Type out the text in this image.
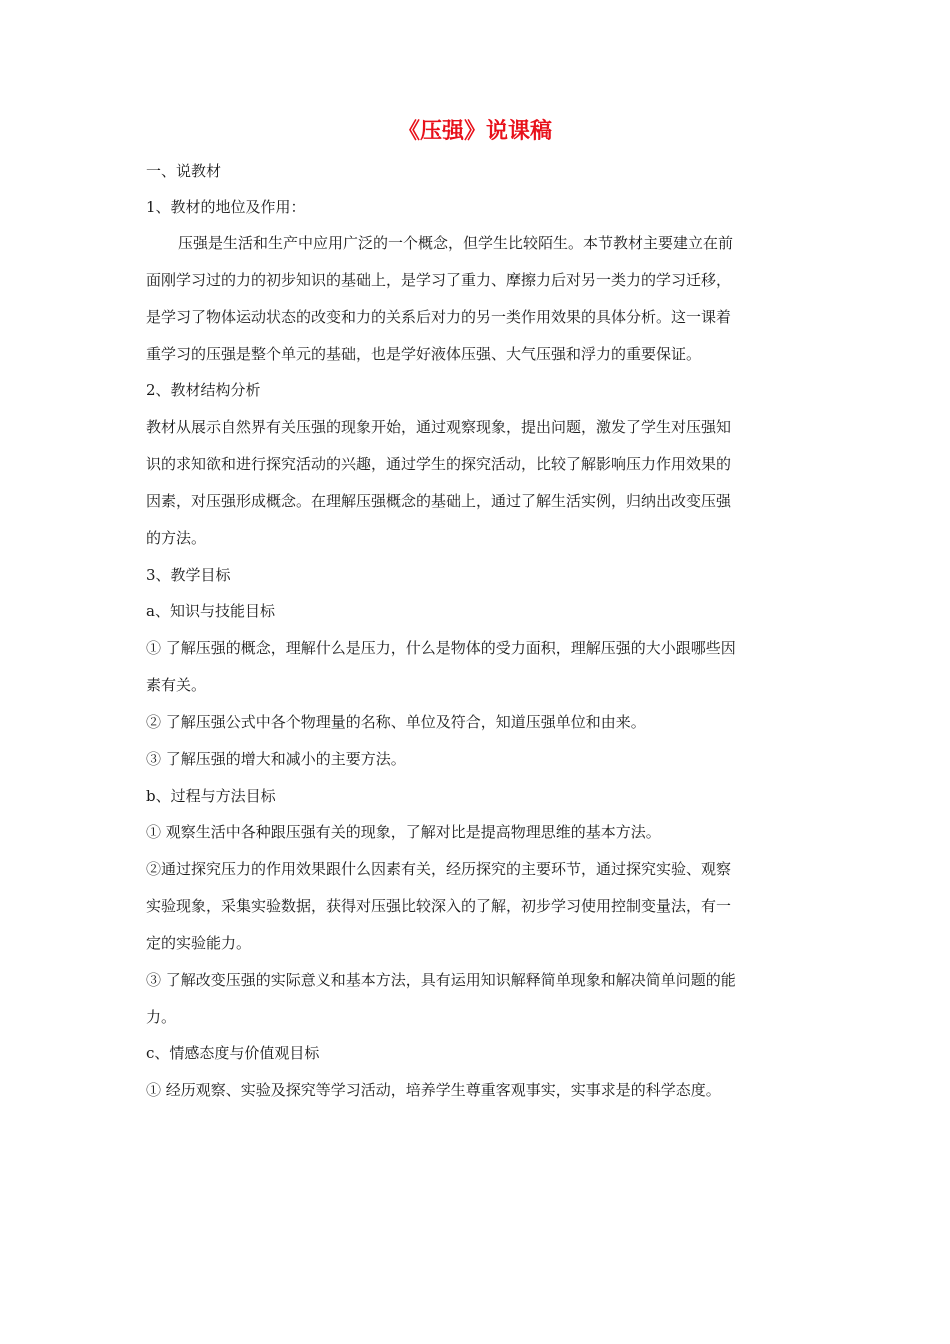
《压强》说课稿
一、说教材
1、教材的地位及作用：
压强是生活和生产中应用广泛的一个概念，但学生比较陌生。本节教材主要建立在前
面刚学习过的力的初步知识的基础上，是学习了重力、摩擦力后对另一类力的学习迁移，
是学习了物体运动状态的改变和力的关系后对力的另一类作用效果的具体分析。这一课着
重学习的压强是整个单元的基础，也是学好液体压强、大气压强和浮力的重要保证。
2、教材结构分析
教材从展示自然界有关压强的现象开始，通过观察现象，提出问题，激发了学生对压强知
识的求知欲和进行探究活动的兴趣，通过学生的探究活动，比较了解影响压力作用效果的
因素，对压强形成概念。在理解压强概念的基础上，通过了解生活实例，归纳出改变压强
的方法。
3、教学目标
a、知识与技能目标
① 了解压强的概念，理解什么是压力，什么是物体的受力面积，理解压强的大小跟哪些因
素有关。
② 了解压强公式中各个物理量的名称、单位及符合，知道压强单位和由来。
③ 了解压强的增大和减小的主要方法。
b、过程与方法目标
① 观察生活中各种跟压强有关的现象，了解对比是提高物理思维的基本方法。
②通过探究压力的作用效果跟什么因素有关，经历探究的主要环节，通过探究实验、观察
实验现象，采集实验数据，获得对压强比较深入的了解，初步学习使用控制变量法，有一
定的实验能力。
③ 了解改变压强的实际意义和基本方法，具有运用知识解释简单现象和解决简单问题的能
力。
c、情感态度与价值观目标
① 经历观察、实验及探究等学习活动，培养学生尊重客观事实，实事求是的科学态度。
